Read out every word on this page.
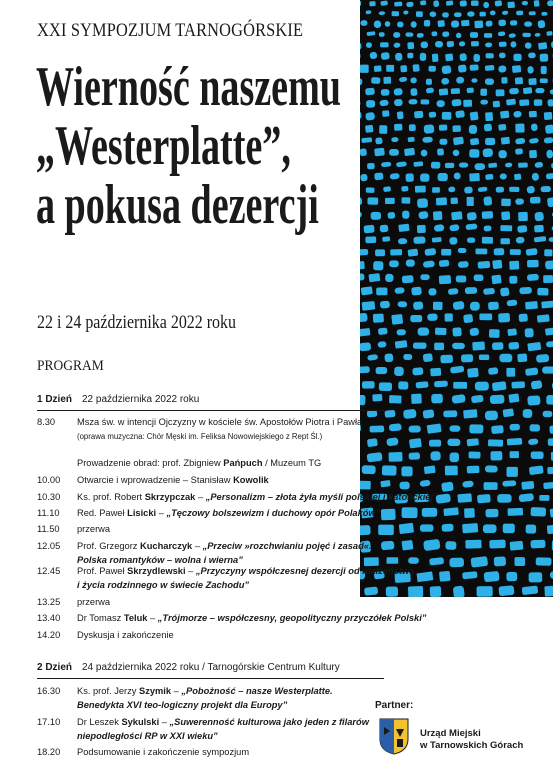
XXI SYMPOZJUM TARNOGÓRSKIE
Wierność naszemu
„Westerplatte”,
a pokusa dezercji
22 i 24 października 2022 roku
PROGRAM
1 Dzień 22 października 2022 roku
8.30	Msza św. w intencji Ojczyzny w kościele św. Apostołów Piotra i Pawła
(oprawa muzyczna: Chór Męski im. Feliksa Nowowiejskiego z Rept Śl.)
Prowadzenie obrad: prof. Zbigniew Pańpuch / Muzeum TG
10.00	Otwarcie i wprowadzenie – Stanisław Kowolik
10.30	Ks. prof. Robert Skrzypczak – „Personalizm – złota żyła myśli polskiej i katolickiej”
11.10	Red. Paweł Lisicki – „Tęczowy bolszewizm i duchowy opór Polaków”
11.50	przerwa
12.05	Prof. Grzegorz Kucharczyk – „Przeciw »rozchwianiu pojęć i zasad«.
Polska romantyków – wolna i wierna”
12.45	Prof. Paweł Skrzydlewski – „Przyczyny współczesnej dezercji od małżeństwa
i życia rodzinnego w świecie Zachodu”
13.25	przerwa
13.40	Dr Tomasz Teluk – „Trójmorze – współczesny, geopolityczny przyczółek Polski”
14.20	Dyskusja i zakończenie
2 Dzień 24 października 2022 roku / Tarnogórskie Centrum Kultury
16.30	Ks. prof. Jerzy Szymik – „Pobożność – nasze Westerplatte.
Benedykta XVI teo-logiczny projekt dla Europy”
17.10	Dr Leszek Sykulski – „Suwerenność kulturowa jako jeden z filarów
niepodległości RP w XXI wieku”
18.20	Podsumowanie i zakończenie sympozjum
Partner:
Urząd Miejski
w Tarnowskich Górach
